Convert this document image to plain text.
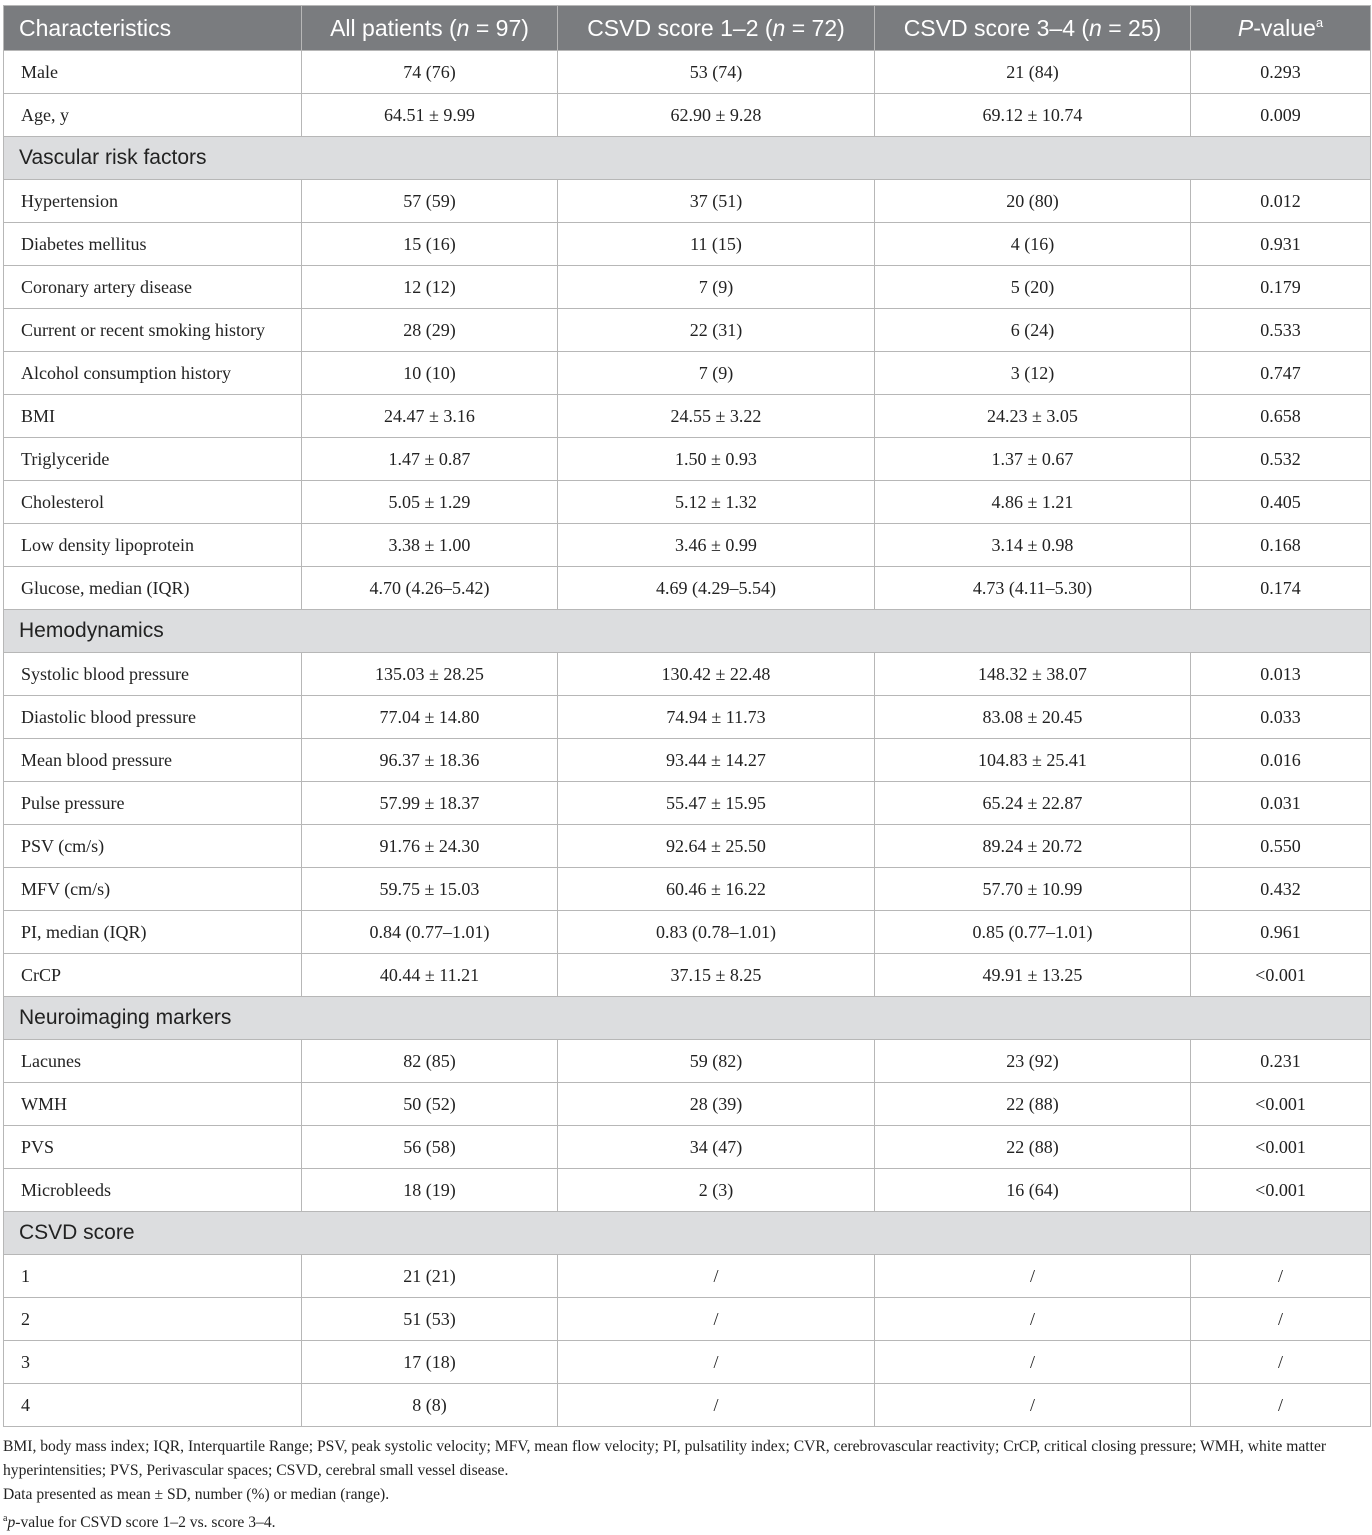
Characteristics	All patients (n = 97)	CSVD score 1–2 (n = 72)	CSVD score 3–4 (n = 25)	P-value$^a$
Male	74 (76)	53 (74)	21 (84)	0.293
Age, y	64.51 ± 9.99	62.90 ± 9.28	69.12 ± 10.74	0.009
Vascular risk factors				
Hypertension	57 (59)	37 (51)	20 (80)	0.012
Diabetes mellitus	15 (16)	11 (15)	4 (16)	0.931
Coronary artery disease	12 (12)	7 (9)	5 (20)	0.179
Current or recent smoking history	28 (29)	22 (31)	6 (24)	0.533
Alcohol consumption history	10 (10)	7 (9)	3 (12)	0.747
BMI	24.47 ± 3.16	24.55 ± 3.22	24.23 ± 3.05	0.658
Triglyceride	1.47 ± 0.87	1.50 ± 0.93	1.37 ± 0.67	0.532
Cholesterol	5.05 ± 1.29	5.12 ± 1.32	4.86 ± 1.21	0.405
Low density lipoprotein	3.38 ± 1.00	3.46 ± 0.99	3.14 ± 0.98	0.168
Glucose, median (IQR)	4.70 (4.26–5.42)	4.69 (4.29–5.54)	4.73 (4.11–5.30)	0.174
Hemodynamics				
Systolic blood pressure	135.03 ± 28.25	130.42 ± 22.48	148.32 ± 38.07	0.013
Diastolic blood pressure	77.04 ± 14.80	74.94 ± 11.73	83.08 ± 20.45	0.033
Mean blood pressure	96.37 ± 18.36	93.44 ± 14.27	104.83 ± 25.41	0.016
Pulse pressure	57.99 ± 18.37	55.47 ± 15.95	65.24 ± 22.87	0.031
PSV (cm/s)	91.76 ± 24.30	92.64 ± 25.50	89.24 ± 20.72	0.550
MFV (cm/s)	59.75 ± 15.03	60.46 ± 16.22	57.70 ± 10.99	0.432
PI, median (IQR)	0.84 (0.77–1.01)	0.83 (0.78–1.01)	0.85 (0.77–1.01)	0.961
CrCP	40.44 ± 11.21	37.15 ± 8.25	49.91 ± 13.25	<0.001
Neuroimaging markers				
Lacunes	82 (85)	59 (82)	23 (92)	0.231
WMH	50 (52)	28 (39)	22 (88)	<0.001
PVS	56 (58)	34 (47)	22 (88)	<0.001
Microbleeds	18 (19)	2 (3)	16 (64)	<0.001
CSVD score				
1	21 (21)	/	/	/
2	51 (53)	/	/	/
3	17 (18)	/	/	/
4	8 (8)	/	/	/
BMI, body mass index; IQR, Interquartile Range; PSV, peak systolic velocity; MFV, mean flow velocity; PI, pulsatility index; CVR, cerebrovascular reactivity; CrCP, critical closing pressure; WMH, white matter hyperintensities; PVS, Perivascular spaces; CSVD, cerebral small vessel disease.
Data presented as mean ± SD, number (%) or median (range).
$^a$p-value for CSVD score 1–2 vs. score 3–4.
